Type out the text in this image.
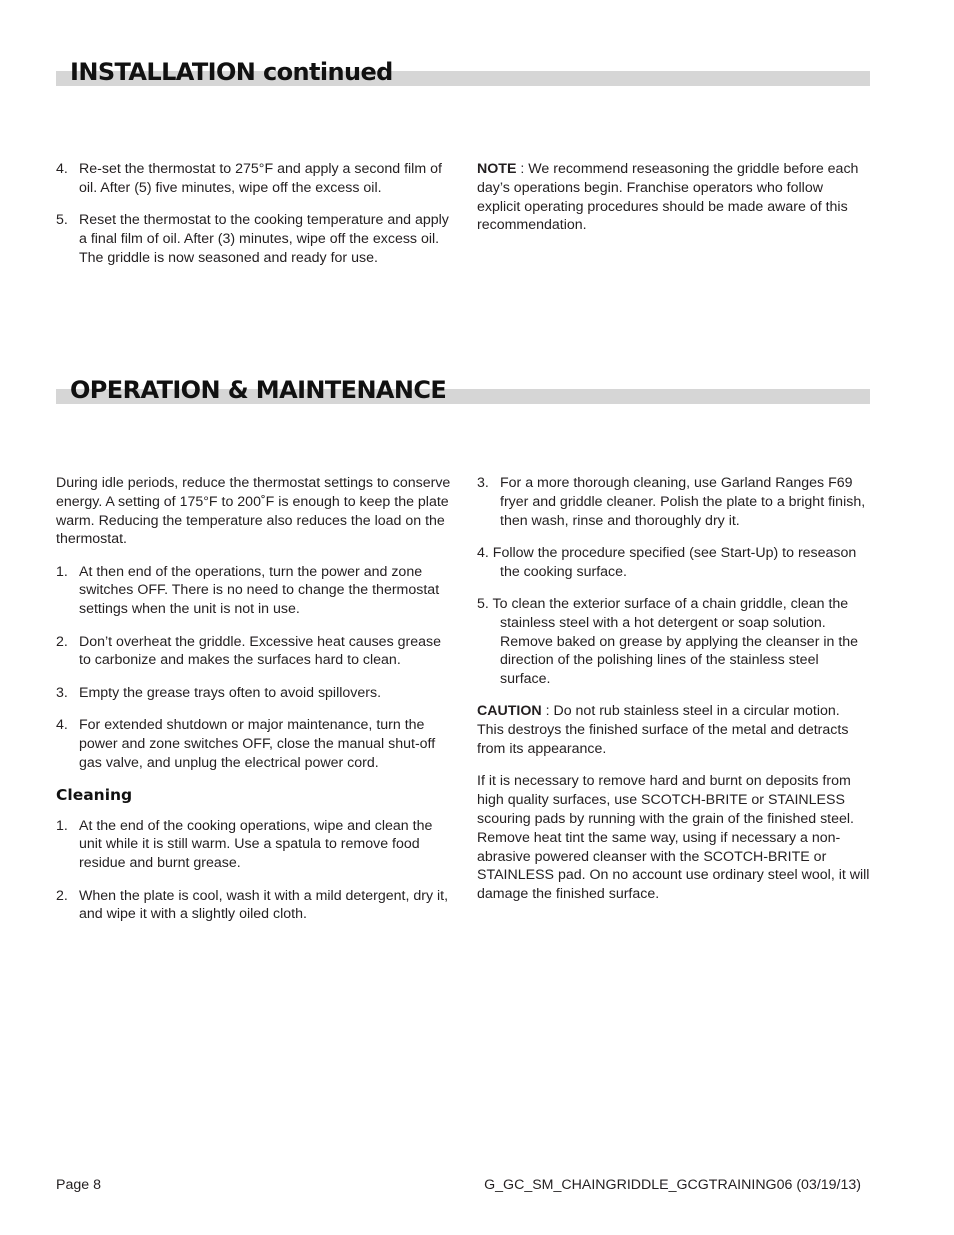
INSTALLATION continued
4. Re-set the thermostat to 275°F and apply a second film of oil. After (5) five minutes, wipe off the excess oil.
5. Reset the thermostat to the cooking temperature and apply a final film of oil. After (3) minutes, wipe off the excess oil. The griddle is now seasoned and ready for use.

NOTE : We recommend reseasoning the griddle before each day’s operations begin. Franchise operators who follow explicit operating procedures should be made aware of this recommendation.

OPERATION & MAINTENANCE

During idle periods, reduce the thermostat settings to conserve energy. A setting of 175°F to 200˚F is enough to keep the plate warm. Reducing the temperature also reduces the load on the thermostat.

1. At then end of the operations, turn the power and zone switches OFF. There is no need to change the thermostat settings when the unit is not in use.
2. Don’t overheat the griddle. Excessive heat causes grease to carbonize and makes the surfaces hard to clean.
3. Empty the grease trays often to avoid spillovers.
4. For extended shutdown or major maintenance, turn the power and zone switches OFF, close the manual shut-off gas valve, and unplug the electrical power cord.
Cleaning
1. At the end of the cooking operations, wipe and clean the unit while it is still warm. Use a spatula to remove food residue and burnt grease.
2. When the plate is cool, wash it with a mild detergent, dry it, and wipe it with a slightly oiled cloth.
3. For a more thorough cleaning, use Garland Ranges F69 fryer and griddle cleaner. Polish the plate to a bright finish, then wash, rinse and thoroughly dry it.
4. Follow the procedure specified (see Start-Up) to reseason the cooking surface.
5. To clean the exterior surface of a chain griddle, clean the stainless steel with a hot detergent or soap solution. Remove baked on grease by applying the cleanser in the direction of the polishing lines of the stainless steel surface.

CAUTION : Do not rub stainless steel in a circular motion. This destroys the finished surface of the metal and detracts from its appearance.

If it is necessary to remove hard and burnt on deposits from high quality surfaces, use SCOTCH-BRITE or STAINLESS scouring pads by running with the grain of the finished steel. Remove heat tint the same way, using if necessary a non-abrasive powered cleanser with the SCOTCH-BRITE or STAINLESS pad. On no account use ordinary steel wool, it will damage the finished surface.

Page 8	G_GC_SM_CHAINGRIDDLE_GCGTRAINING06 (03/19/13)
